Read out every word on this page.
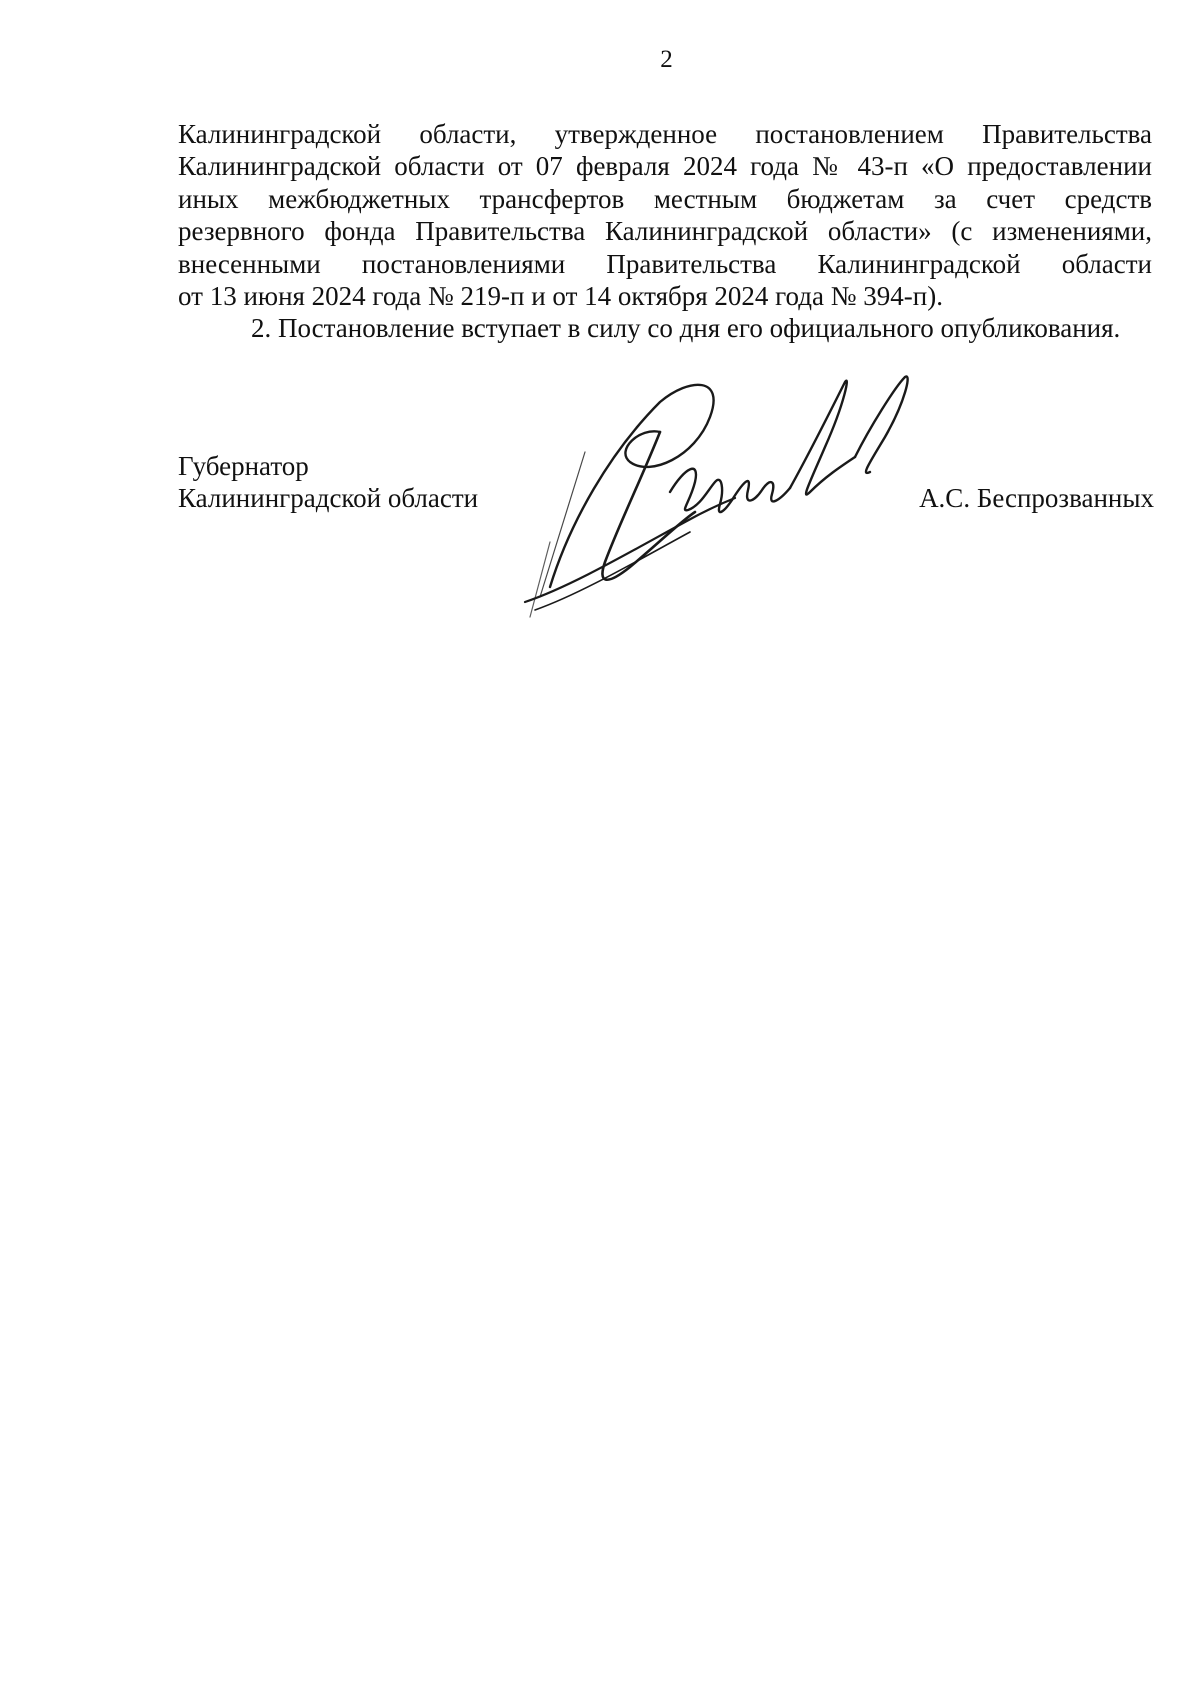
2

Калининградской области, утвержденное постановлением Правительства

Калининградской области от 07 февраля 2024 года № 43-п «О предоставлении

иных межбюджетных трансфертов местным бюджетам за счет средств

резервного фонда Правительства Калининградской области» (с изменениями,

внесенными постановлениями Правительства Калининградской области

от 13 июня 2024 года № 219-п и от 14 октября 2024 года № 394-п).

2. Постановление вступает в силу со дня его официального опубликования.

Губернатор
Калининградской области	А.С. Беспрозванных
